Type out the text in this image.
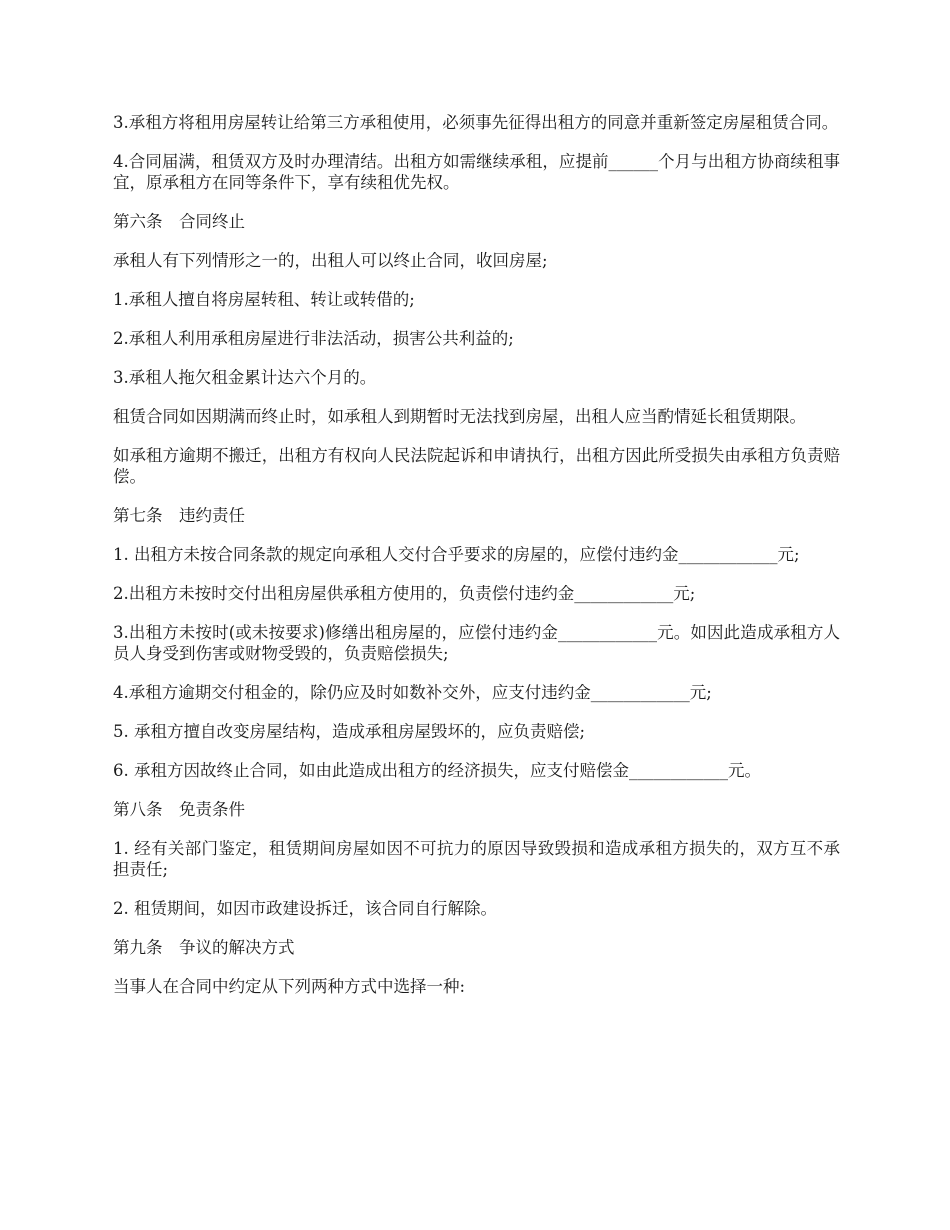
3.承租方将租用房屋转让给第三方承租使用，必须事先征得出租方的同意并重新签定房屋租赁合同。

4.合同届满，租赁双方及时办理清结。出租方如需继续承租，应提前______个月与出租方协商续租事宜，原承租方在同等条件下，享有续租优先权。

第六条　合同终止

承租人有下列情形之一的，出租人可以终止合同，收回房屋;

1.承租人擅自将房屋转租、转让或转借的;

2.承租人利用承租房屋进行非法活动，损害公共利益的;

3.承租人拖欠租金累计达六个月的。

租赁合同如因期满而终止时，如承租人到期暂时无法找到房屋，出租人应当酌情延长租赁期限。

如承租方逾期不搬迁，出租方有权向人民法院起诉和申请执行，出租方因此所受损失由承租方负责赔偿。

第七条　违约责任

1. 出租方未按合同条款的规定向承租人交付合乎要求的房屋的，应偿付违约金____________元;

2.出租方未按时交付出租房屋供承租方使用的，负责偿付违约金____________元;

3.出租方未按时(或未按要求)修缮出租房屋的，应偿付违约金____________元。如因此造成承租方人员人身受到伤害或财物受毁的，负责赔偿损失;

4.承租方逾期交付租金的，除仍应及时如数补交外，应支付违约金____________元;

5. 承租方擅自改变房屋结构，造成承租房屋毁坏的，应负责赔偿;

6. 承租方因故终止合同，如由此造成出租方的经济损失，应支付赔偿金____________元。

第八条　免责条件

1. 经有关部门鉴定，租赁期间房屋如因不可抗力的原因导致毁损和造成承租方损失的，双方互不承担责任;

2. 租赁期间，如因市政建设拆迁，该合同自行解除。

第九条　争议的解决方式

当事人在合同中约定从下列两种方式中选择一种:
